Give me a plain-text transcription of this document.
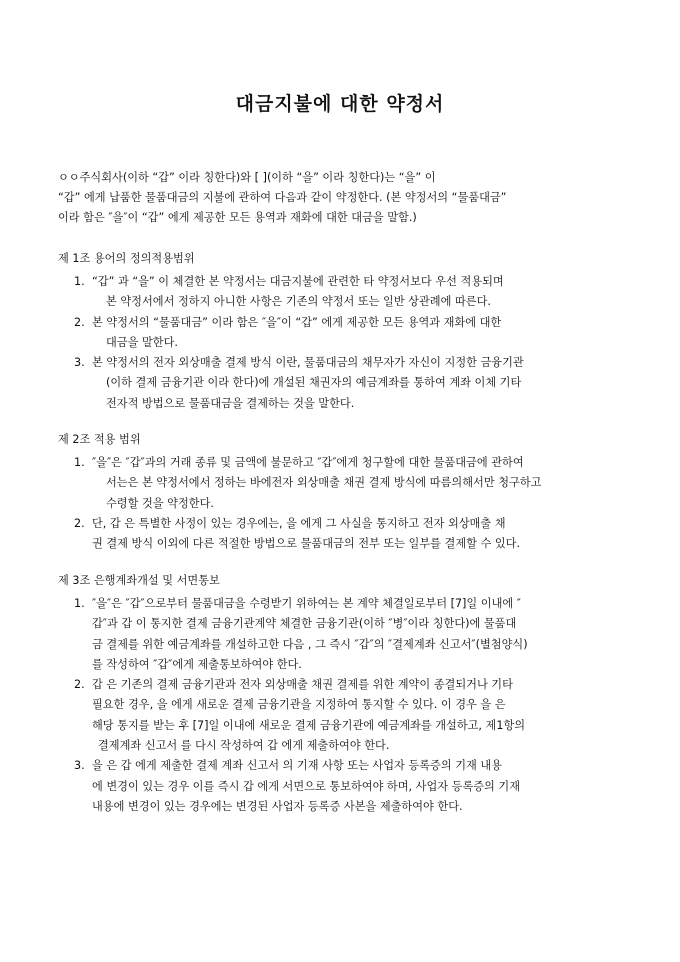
대금지불에 대한 약정서

ㅇㅇ주식회사(이하 “갑” 이라 칭한다)와 [ ](이하 “을” 이라 칭한다)는 “을” 이

“갑” 에게 납품한 물품대금의 지불에 관하여 다음과 같이 약정한다. (본 약정서의 “물품대금”

이라 함은 ″을″이 “갑” 에게 제공한 모든 용역과 재화에 대한 대금을 말함.)

제 1조 용어의 정의적용범위
1. “갑” 과 “을” 이 체결한 본 약정서는 대금지불에 관련한 타 약정서보다 우선 적용되며
본 약정서에서 정하지 아니한 사항은 기존의 약정서 또는 일반 상관례에 따른다.
2. 본 약정서의 “물품대금” 이라 함은 ″을″이 “갑” 에게 제공한 모든 용역과 재화에 대한
대금을 말한다.
3. 본 약정서의 전자 외상매출 결제 방식 이란, 물품대금의 채무자가 자신이 지정한 금융기관
(이하 결제 금융기관 이라 한다)에 개설된 채권자의 예금계좌를 통하여 계좌 이체 기타
전자적 방법으로 물품대금을 결제하는 것을 말한다.
제 2조 적용 범위
1. ″을″은 ″갑″과의 거래 종류 및 금액에 불문하고 ″갑″에게 청구할에 대한 물품대금에 관하여
서는은 본 약정서에서 정하는 바에전자 외상매출 채권 결제 방식에 따름의해서만 청구하고
수령할 것을 약정한다.
2. 단, 갑 은 특별한 사정이 있는 경우에는, 을 에게 그 사실을 통지하고 전자 외상매출 채
권 결제 방식 이외에 다른 적절한 방법으로 물품대금의 전부 또는 일부를 결제할 수 있다.
제 3조 은행계좌개설 및 서면통보
1. ″을″은 ″갑″으로부터 물품대금을 수령받기 위하여는 본 계약 체결일로부터 [7]일 이내에 ″
갑″과 갑 이 통지한 결제 금융기관계약 체결한 금융기관(이하 ″병″이라 칭한다)에 물품대
금 결제를 위한 예금계좌를 개설하고한 다음 , 그 즉시 ″갑″의 ″결제계좌 신고서″(별첨양식)
를 작성하여 ″갑″에게 제출통보하여야 한다.
2. 갑 은 기존의 결제 금융기관과 전자 외상매출 채권 결제를 위한 계약이 종결되거나 기타
필요한 경우, 을 에게 새로운 결제 금융기관을 지정하여 통지할 수 있다. 이 경우 을 은
해당 통지를 받는 후 [7]일 이내에 새로운 결제 금융기관에 예금계좌를 개설하고, 제1항의
결제계좌 신고서 를 다시 작성하여 갑 에게 제출하여야 한다.
3. 을 은 갑 에게 제출한 결제 계좌 신고서 의 기재 사항 또는 사업자 등록증의 기재 내용
에 변경이 있는 경우 이를 즉시 갑 에게 서면으로 통보하여야 하며, 사업자 등록증의 기재
내용에 변경이 있는 경우에는 변경된 사업자 등록증 사본을 제출하여야 한다.
